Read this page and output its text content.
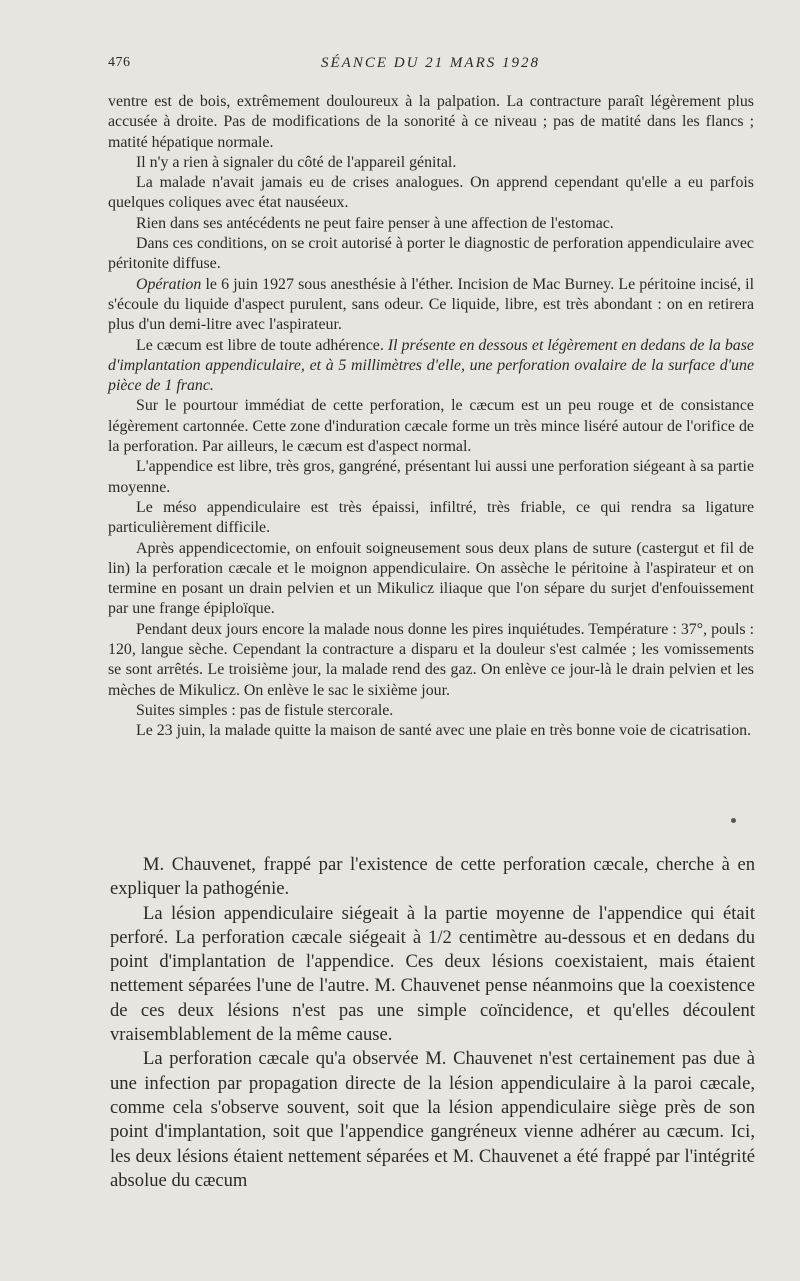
476	SÉANCE DU 21 MARS 1928

ventre est de bois, extrêmement douloureux à la palpation. La contracture paraît légèrement plus accusée à droite. Pas de modifications de la sonorité à ce niveau ; pas de matité dans les flancs ; matité hépatique normale.

Il n'y a rien à signaler du côté de l'appareil génital.

La malade n'avait jamais eu de crises analogues. On apprend cependant qu'elle a eu parfois quelques coliques avec état nauséeux.

Rien dans ses antécédents ne peut faire penser à une affection de l'estomac.

Dans ces conditions, on se croit autorisé à porter le diagnostic de perforation appendiculaire avec péritonite diffuse.

Opération le 6 juin 1927 sous anesthésie à l'éther. Incision de Mac Burney. Le péritoine incisé, il s'écoule du liquide d'aspect purulent, sans odeur. Ce liquide, libre, est très abondant : on en retirera plus d'un demi-litre avec l'aspirateur.

Le cæcum est libre de toute adhérence. Il présente en dessous et légèrement en dedans de la base d'implantation appendiculaire, et à 5 millimètres d'elle, une perforation ovalaire de la surface d'une pièce de 1 franc.

Sur le pourtour immédiat de cette perforation, le cæcum est un peu rouge et de consistance légèrement cartonnée. Cette zone d'induration cæcale forme un très mince liséré autour de l'orifice de la perforation. Par ailleurs, le cæcum est d'aspect normal.

L'appendice est libre, très gros, gangréné, présentant lui aussi une perforation siégeant à sa partie moyenne.

Le méso appendiculaire est très épaissi, infiltré, très friable, ce qui rendra sa ligature particulièrement difficile.

Après appendicectomie, on enfouit soigneusement sous deux plans de suture (castergut et fil de lin) la perforation cæcale et le moignon appendiculaire. On assèche le péritoine à l'aspirateur et on termine en posant un drain pelvien et un Mikulicz iliaque que l'on sépare du surjet d'enfouissement par une frange épiploïque.

Pendant deux jours encore la malade nous donne les pires inquiétudes. Température : 37°, pouls : 120, langue sèche. Cependant la contracture a disparu et la douleur s'est calmée ; les vomissements se sont arrêtés. Le troisième jour, la malade rend des gaz. On enlève ce jour-là le drain pelvien et les mèches de Mikulicz. On enlève le sac le sixième jour.

Suites simples : pas de fistule stercorale.

Le 23 juin, la malade quitte la maison de santé avec une plaie en très bonne voie de cicatrisation.

M. Chauvenet, frappé par l'existence de cette perforation cæcale, cherche à en expliquer la pathogénie.

La lésion appendiculaire siégeait à la partie moyenne de l'appendice qui était perforé. La perforation cæcale siégeait à 1/2 centimètre au-dessous et en dedans du point d'implantation de l'appendice. Ces deux lésions coexistaient, mais étaient nettement séparées l'une de l'autre. M. Chauvenet pense néanmoins que la coexistence de ces deux lésions n'est pas une simple coïncidence, et qu'elles découlent vraisemblablement de la même cause.

La perforation cæcale qu'a observée M. Chauvenet n'est certainement pas due à une infection par propagation directe de la lésion appendiculaire à la paroi cæcale, comme cela s'observe souvent, soit que la lésion appendiculaire siège près de son point d'implantation, soit que l'appendice gangréneux vienne adhérer au cæcum. Ici, les deux lésions étaient nettement séparées et M. Chauvenet a été frappé par l'intégrité absolue du cæcum
